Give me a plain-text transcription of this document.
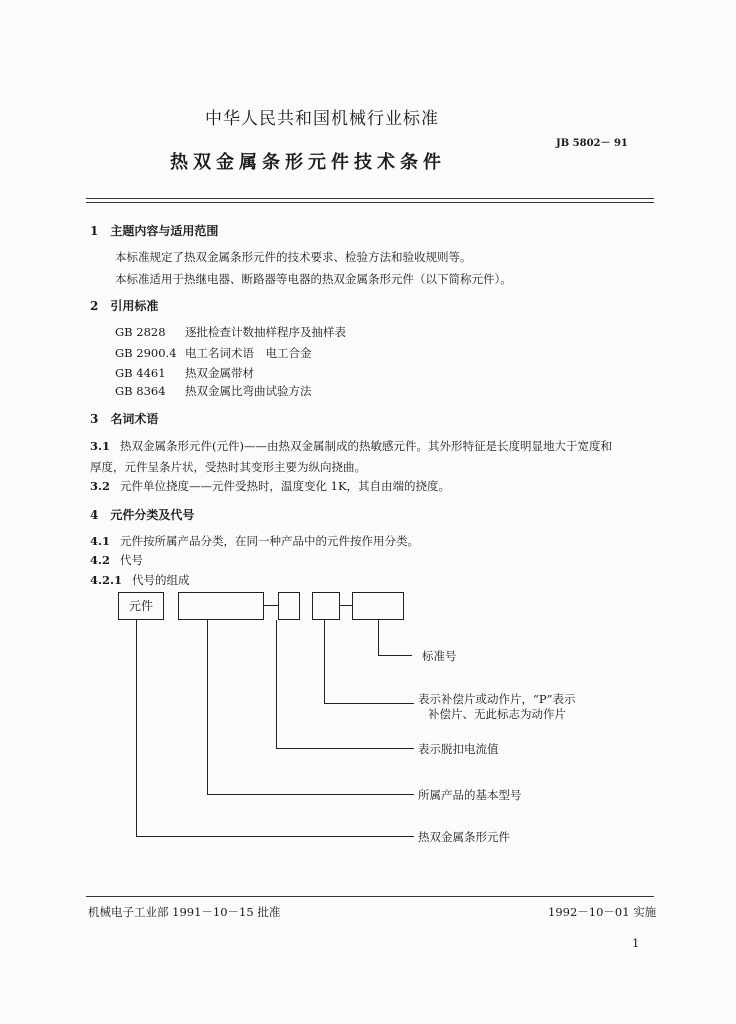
中华人民共和国机械行业标准
JB 5802－ 91
热双金属条形元件技术条件
1　主题内容与适用范围
本标准规定了热双金属条形元件的技术要求、检验方法和验收规则等。
本标准适用于热继电器、断路器等电器的热双金属条形元件（以下简称元件）。
2　引用标准
GB 2828 逐批检查计数抽样程序及抽样表
GB 2900.4 电工名词术语　电工合金
GB 4461 热双金属带材
GB 8364 热双金属比弯曲试验方法
3　名词术语
3.1 热双金属条形元件(元件)——由热双金属制成的热敏感元件。其外形特征是长度明显地大于宽度和
厚度，元件呈条片状，受热时其变形主要为纵向挠曲。
3.2 元件单位挠度——元件受热时，温度变化 1K，其自由端的挠度。
4　元件分类及代号
4.1 元件按所属产品分类，在同一种产品中的元件按作用分类。
4.2 代号
4.2.1 代号的组成
元件
标准号
表示补偿片或动作片，“P”表示
补偿片、无此标志为动作片
表示脱扣电流值
所属产品的基本型号
热双金属条形元件
机械电子工业部 1991－10－15 批准	1992－10－01 实施
1
